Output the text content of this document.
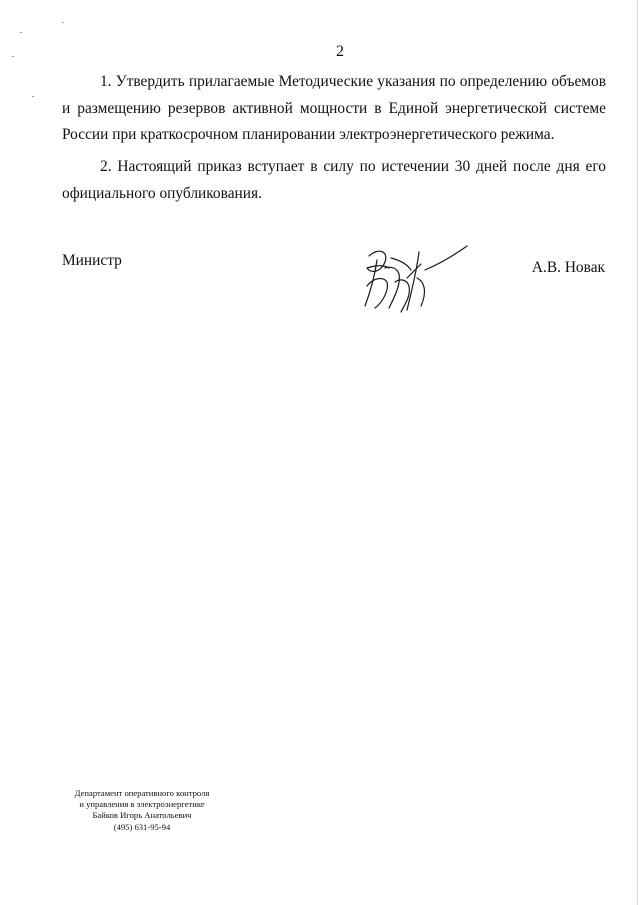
2

1. Утвердить прилагаемые Методические указания по определению объемов и размещению резервов активной мощности в Единой энергетической системе России при краткосрочном планировании электроэнергетического режима.

2. Настоящий приказ вступает в силу по истечении 30 дней после дня его официального опубликования.

Министр	А.В. Новак
Департамент оперативного контроля
и управления в электроэнергетике
Байков Игорь Анатольевич
(495) 631-95-94
